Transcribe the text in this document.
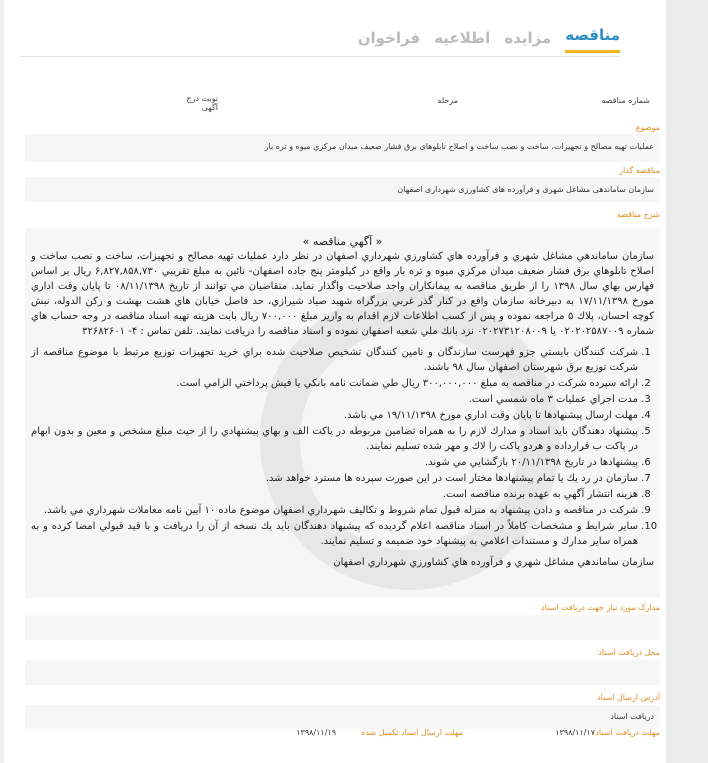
مناقصه
مزایده
اطلاعیه
فراخوان
شماره مناقصه
مرحله
نوبت درج آگهی
موضوع
عملیات تهیه مصالح و تجهیزات، ساخت و نصب ساخت و اصلاح تابلوهای برق فشار ضعیف میدان مرکزي میوه و تره بار
مناقصه گذار
سازمان ساماندهی مشاغل شهری و فرآورده های کشاورزی شهرداری اصفهان
شرح مناقصه
« آگهي مناقصه »

سازمان ساماندهي مشاغل شهري و فرآورده هاي كشاورزي شهرداري اصفهان در نظر دارد عمليات تهيه مصالح و تجهيزات، ساخت و نصب ساخت و اصلاح تابلوهاي برق فشار ضعيف ميدان مركزي ميوه و تره بار واقع در كيلومتر پنج جاده اصفهان- نائين به مبلغ تقريبي ۶,۸۲۷,۸۵۸,۷۳۰ ريال بر اساس فهارس بهاي سال ۱۳۹۸ را از طريق مناقصه به پيمانكاران واجد صلاحيت واگذار نمايد. متقاضيان مي توانند از تاريخ ۰۸/۱۱/۱۳۹۸ تا پايان وقت اداري مورخ ۱۷/۱۱/۱۳۹۸ به دبيرخانه سازمان واقع در كنار گذر غربي بزرگراه شهيد صياد شيرازي، حد فاصل خيابان هاي هشت بهشت و ركن الدوله، نبش كوچه احسان، پلاك ۵ مراجعه نموده و پس از كسب اطلاعات لازم اقدام به واريز مبلغ ۷۰۰,۰۰۰ ريال بابت هزينه تهيه اسناد مناقصه در وجه حساب هاي شماره ۰۲۰۲۰۲۵۸۷۰۰۹ يا ۰۲۰۲۷۳۱۲۰۸۰۰۹ نزد بانك ملي شعبه اصفهان نموده و اسناد مناقصه را دريافت نمايند. تلفن تماس : ۴- ۳۲۶۸۲۶۰۱

1. شركت كنندگان بايستي جزو فهرست سازندگان و تامين كنندگان تشخيص صلاحيت شده براي خريد تجهيزات توزيع مرتبط با موضوع مناقصه از شركت توزيع برق شهرستان اصفهان سال ۹۸ باشند.
2. ارائه سپرده شركت در مناقصه به مبلغ ۳۰۰,۰۰۰,۰۰۰ ريال طي ضمانت نامه بانكي يا فيش پرداختي الزامي است.
3. مدت اجراي عمليات ۳ ماه شمسي است.
4. مهلت ارسال پيشنهادها تا پايان وقت اداري مورخ ۱۹/۱۱/۱۳۹۸ مي باشد.
5. پيشنهاد دهندگان بايد اسناد و مدارك لازم را به همراه تضامين مربوطه در پاكت الف و بهاي پيشنهادي را از حيث مبلغ مشخص و معين و بدون ابهام در پاكت ب قرارداده و هردو پاكت را لاك و مهر شده تسليم نمايند.
6. پيشنهادها در تاريخ ۲۰/۱۱/۱۳۹۸ بازگشايي مي شوند.
7. سازمان در رد يك يا تمام پيشنهادها مختار است در اين صورت سپرده ها مسترد خواهد شد.
8. هزينه انتشار آگهي به عهده برنده مناقصه است.
9. شركت در مناقصه و دادن پيشنهاد به منزله قبول تمام شروط و تكاليف شهرداري اصفهان موضوع ماده ۱۰ آيين نامه معاملات شهرداري مي باشد.
10. ساير شرايط و مشخصات كاملاً در اسناد مناقصه اعلام گرديده كه پيشنهاد دهندگان بايد يك نسخه از آن را دريافت و با قيد قبولي امضا كرده و به همراه ساير مدارك و مستندات اعلامي به پيشنهاد خود ضميمه و تسليم نمايند.

سازمان ساماندهي مشاغل شهري و فرآورده هاي كشاورزي شهرداري اصفهان

مدارک مورد نیاز جهت دریافت اسناد
محل دریافت اسناد
آدرس ارسال اسناد
دریافت اسناد
مهلت دریافت اسناد
۱۳۹۸/۱۱/۱۷
مهلت ارسال اسناد تکمیل شده
۱۳۹۸/۱۱/۱۹
